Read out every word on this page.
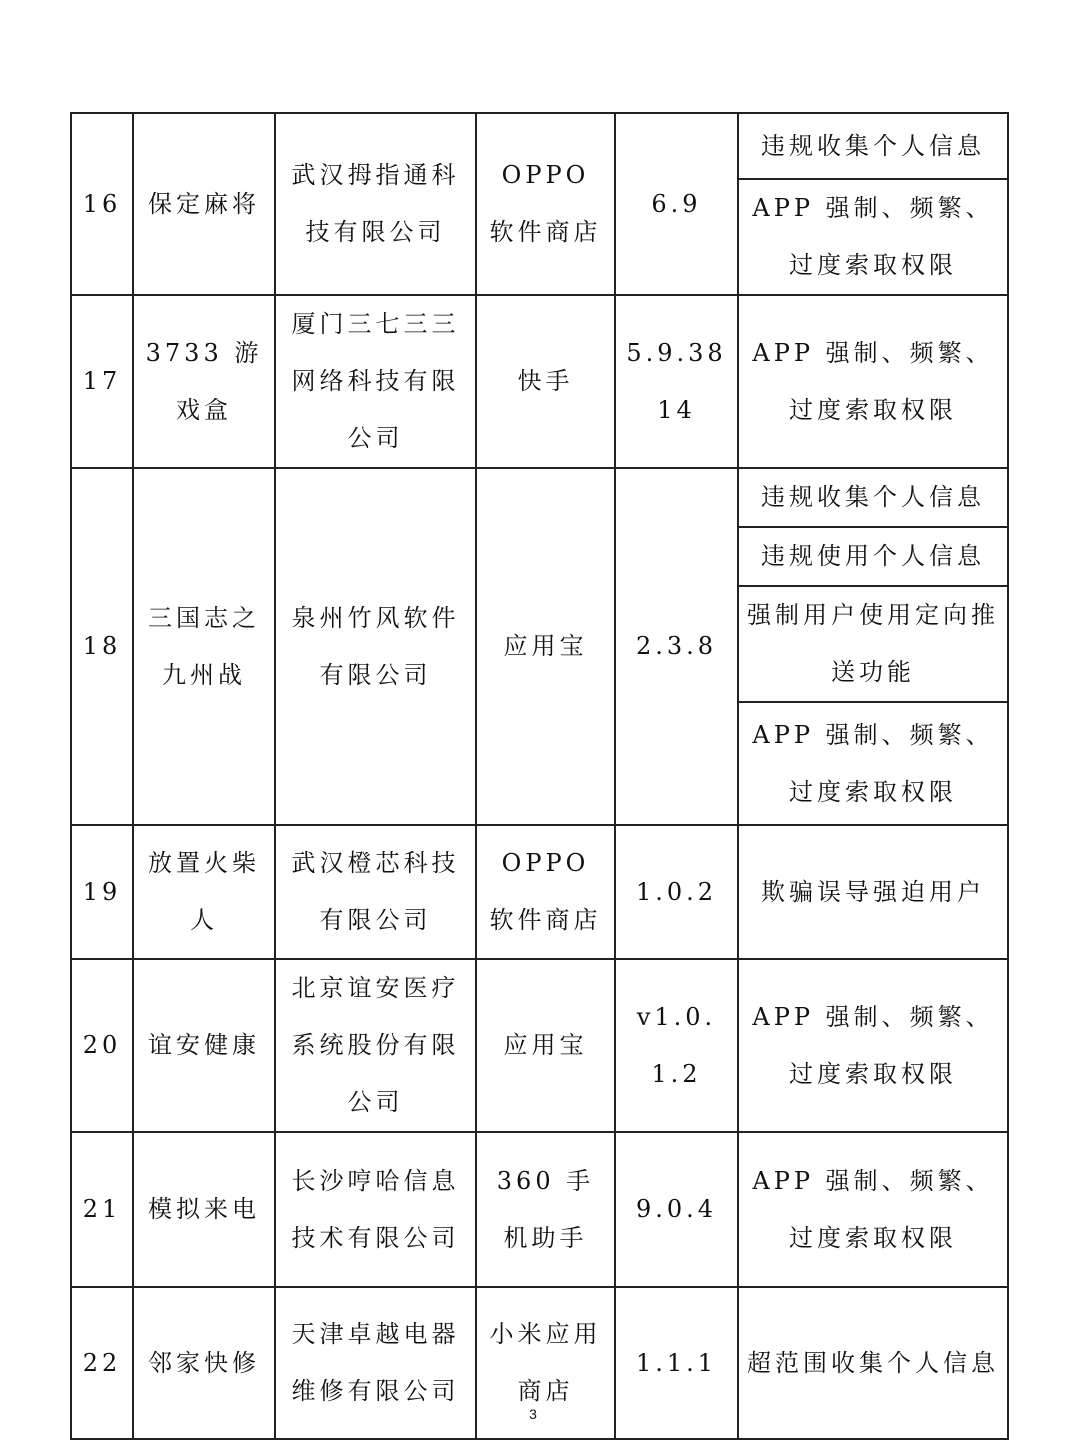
16	保定麻将	武汉拇指通科技有限公司	OPPO 软件商店	6.9	违规收集个人信息
					APP 强制、频繁、过度索取权限
17	3733 游戏盒	厦门三七三三网络科技有限公司	快手	5.9.3814	APP 强制、频繁、过度索取权限
18	三国志之九州战	泉州竹风软件有限公司	应用宝	2.3.8	违规收集个人信息
					违规使用个人信息
					强制用户使用定向推送功能
					APP 强制、频繁、过度索取权限
19	放置火柴人	武汉橙芯科技有限公司	OPPO 软件商店	1.0.2	欺骗误导强迫用户
20	谊安健康	北京谊安医疗系统股份有限公司	应用宝	v1.0.1.2	APP 强制、频繁、过度索取权限
21	模拟来电	长沙哼哈信息技术有限公司	360 手机助手	9.0.4	APP 强制、频繁、过度索取权限
22	邻家快修	天津卓越电器维修有限公司	小米应用商店	1.1.1	超范围收集个人信息
3
